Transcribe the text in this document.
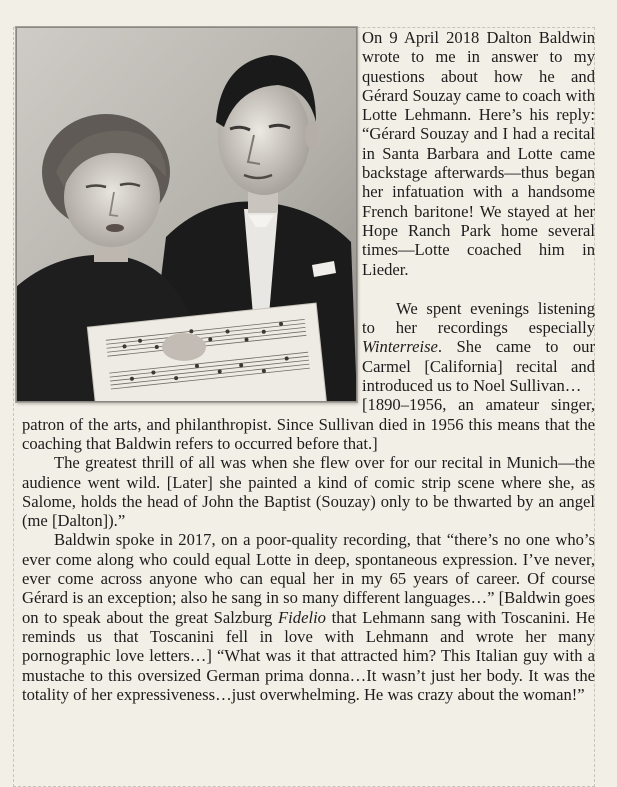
On 9 April 2018 Dalton Baldwin wrote to me in answer to my questions about how he and Gérard Souzay came to coach with Lotte Lehmann. Here’s his reply: “Gérard Souzay and I had a recital in Santa Barbara and Lotte came backstage afterwards—thus began her infatuation with a handsome French baritone! We stayed at her Hope Ranch Park home several times—Lotte coached him in Lieder.

We spent evenings listening to her recordings especially Winterreise. She came to our Carmel [California] recital and introduced us to Noel Sullivan…

[1890–1956, an amateur singer, patron of the arts, and philanthropist. Since Sullivan died in 1956 this means that the coaching that Baldwin refers to occurred before that.]

The greatest thrill of all was when she flew over for our recital in Munich—the audience went wild. [Later] she painted a kind of comic strip scene where she, as Salome, holds the head of John the Baptist (Souzay) only to be thwarted by an angel (me [Dalton]).”

Baldwin spoke in 2017, on a poor-quality recording, that “there’s no one who’s ever come along who could equal Lotte in deep, spontaneous expression. I’ve never, ever come across anyone who can equal her in my 65 years of career. Of course Gérard is an exception; also he sang in so many different languages…” [Baldwin goes on to speak about the great Salzburg Fidelio that Lehmann sang with Toscanini. He reminds us that Toscanini fell in love with Lehmann and wrote her many pornographic love letters…] “What was it that attracted him? This Italian guy with a mustache to this oversized German prima donna…It wasn’t just her body. It was the totality of her expressiveness…just overwhelming. He was crazy about the woman!”
